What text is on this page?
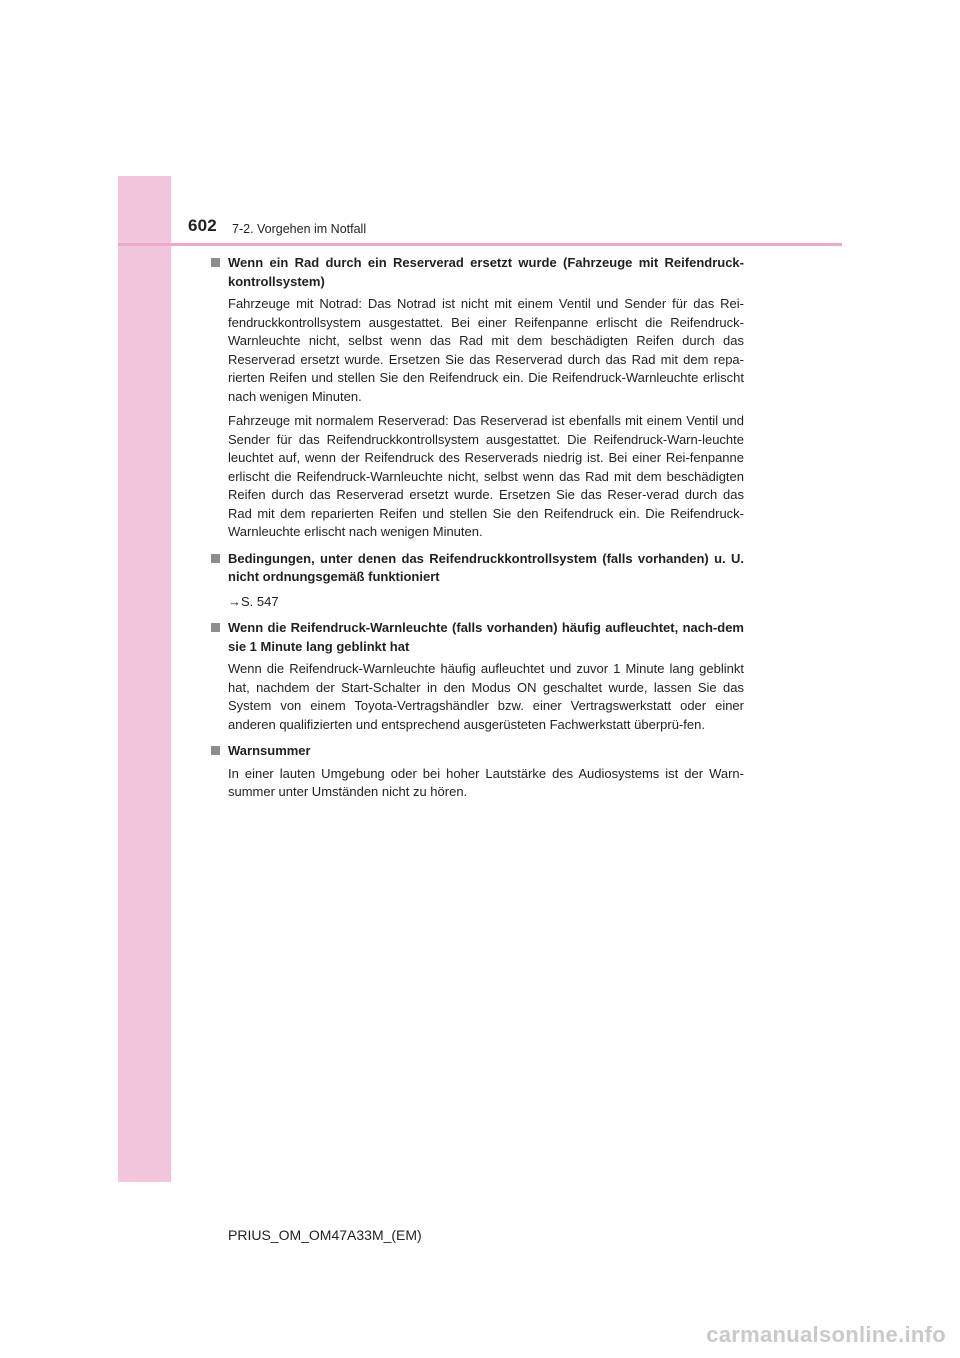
602 7-2. Vorgehen im Notfall
Wenn ein Rad durch ein Reserverad ersetzt wurde (Fahrzeuge mit Reifendruck-kontrollsystem)

Fahrzeuge mit Notrad: Das Notrad ist nicht mit einem Ventil und Sender für das Rei-fendruckkontrollsystem ausgestattet. Bei einer Reifenpanne erlischt die Reifendruck-Warnleuchte nicht, selbst wenn das Rad mit dem beschädigten Reifen durch das Reserverad ersetzt wurde. Ersetzen Sie das Reserverad durch das Rad mit dem repa-rierten Reifen und stellen Sie den Reifendruck ein. Die Reifendruck-Warnleuchte erlischt nach wenigen Minuten.

Fahrzeuge mit normalem Reserverad: Das Reserverad ist ebenfalls mit einem Ventil und Sender für das Reifendruckkontrollsystem ausgestattet. Die Reifendruck-Warn-leuchte leuchtet auf, wenn der Reifendruck des Reserverads niedrig ist. Bei einer Rei-fenpanne erlischt die Reifendruck-Warnleuchte nicht, selbst wenn das Rad mit dem beschädigten Reifen durch das Reserverad ersetzt wurde. Ersetzen Sie das Reser-verad durch das Rad mit dem reparierten Reifen und stellen Sie den Reifendruck ein. Die Reifendruck-Warnleuchte erlischt nach wenigen Minuten.

Bedingungen, unter denen das Reifendruckkontrollsystem (falls vorhanden) u. U. nicht ordnungsgemäß funktioniert

→S. 547

Wenn die Reifendruck-Warnleuchte (falls vorhanden) häufig aufleuchtet, nach-dem sie 1 Minute lang geblinkt hat

Wenn die Reifendruck-Warnleuchte häufig aufleuchtet und zuvor 1 Minute lang geblinkt hat, nachdem der Start-Schalter in den Modus ON geschaltet wurde, lassen Sie das System von einem Toyota-Vertragshändler bzw. einer Vertragswerkstatt oder einer anderen qualifizierten und entsprechend ausgerüsteten Fachwerkstatt überprü-fen.

Warnsummer

In einer lauten Umgebung oder bei hoher Lautstärke des Audiosystems ist der Warn-summer unter Umständen nicht zu hören.

PRIUS_OM_OM47A33M_(EM)
carmanualsonline.info
